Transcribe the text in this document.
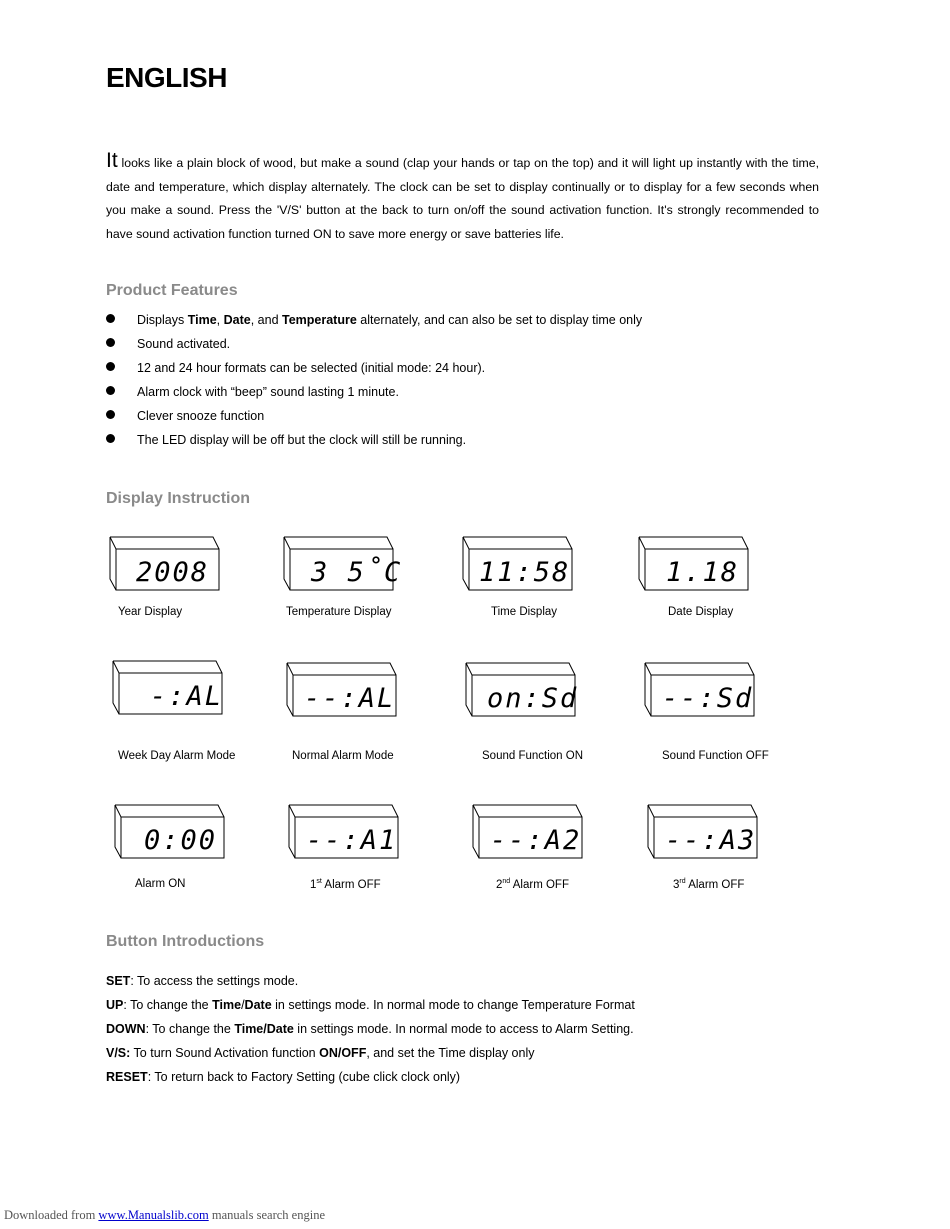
ENGLISH
It looks like a plain block of wood, but make a sound (clap your hands or tap on the top) and it will light up instantly with the time, date and temperature, which display alternately. The clock can be set to display continually or to display for a few seconds when you make a sound. Press the 'V/S' button at the back to turn on/off the sound activation function. It's strongly recommended to have sound activation function turned ON to save more energy or save batteries life.
Product Features
Displays Time, Date, and Temperature alternately, and can also be set to display time only
Sound activated.
12 and 24 hour formats can be selected (initial mode: 24 hour).
Alarm clock with “beep” sound lasting 1 minute.
Clever snooze function
The LED display will be off but the clock will still be running.
Display Instruction
2008	3 5˚C	11:58	1.18
Year Display	Temperature Display	Time Display	Date Display
-:AL	--:AL	on:Sd	--:Sd
Week Day Alarm Mode	Normal Alarm Mode	Sound Function ON	Sound Function OFF
0:00	--:A1	--:A2	--:A3
Alarm ON	1st Alarm OFF	2nd Alarm OFF	3rd Alarm OFF
Button Introductions
SET: To access the settings mode.
UP: To change the Time/Date in settings mode. In normal mode to change Temperature Format
DOWN: To change the Time/Date in settings mode. In normal mode to access to Alarm Setting.
V/S: To turn Sound Activation function ON/OFF, and set the Time display only
RESET: To return back to Factory Setting (cube click clock only)
Downloaded from www.Manualslib.com manuals search engine
